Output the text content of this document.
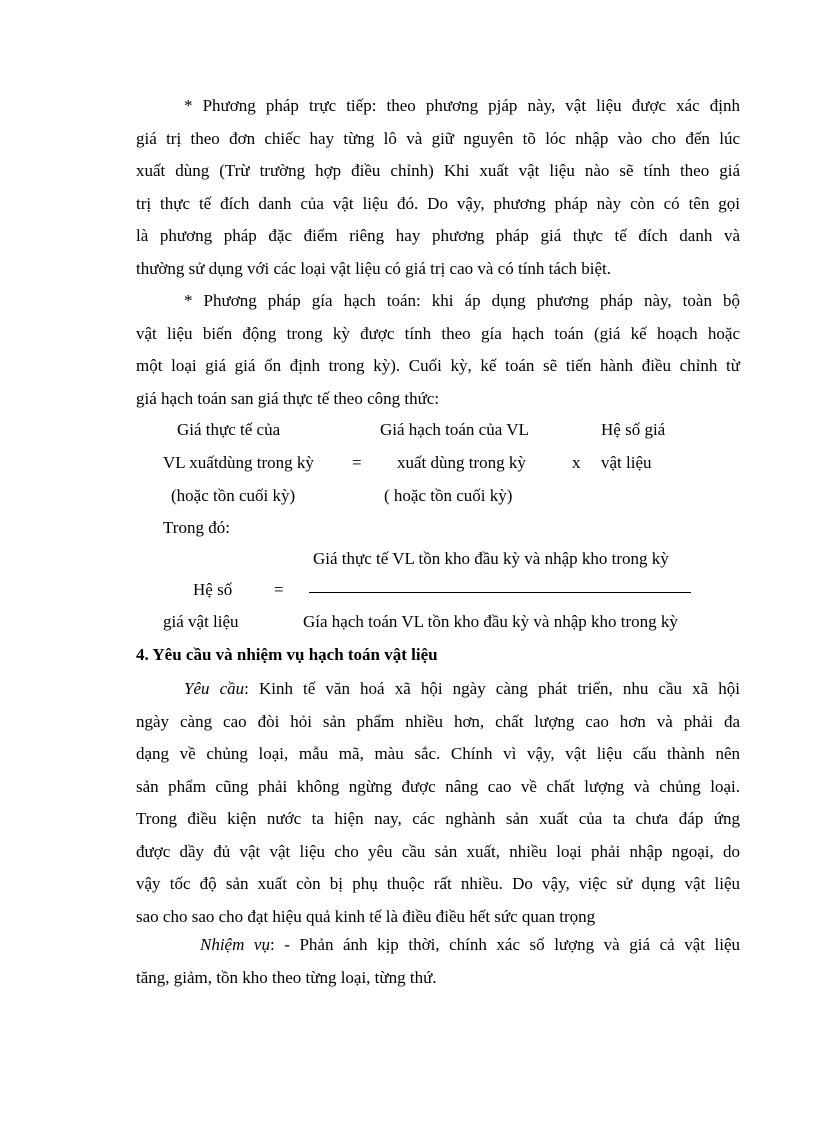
* Phương pháp trực tiếp: theo phương pjáp này, vật liệu được xác định
giá trị theo đơn chiếc hay từng lô và giữ nguyên tõ lóc nhập vào cho đến lúc
xuất dùng (Trừ trường hợp điều chỉnh) Khi xuất vật liệu nào sẽ tính theo giá
trị thực tế đích danh của vật liệu đó. Do vậy, phương pháp này còn có tên gọi
là phương pháp đặc điểm riêng hay phương pháp giá thực tế đích danh và
thường sử dụng với các loại vật liệu có giá trị cao và có tính tách biệt.
* Phương pháp gía hạch toán: khi áp dụng phương pháp này, toàn bộ
vật liệu biến động trong kỳ được tính theo gía hạch toán (giá kế hoạch hoặc
một loại giá giá ổn định trong kỳ). Cuối kỳ, kế toán sẽ tiến hành điều chỉnh từ
giá hạch toán san giá thực tế theo công thức:
Giá thực tế của
VL xuấtdùng trong kỳ
(hoặc tồn cuối kỳ)
=
Giá hạch toán của VL
xuất dùng trong kỳ
( hoặc tồn cuối kỳ)
x
Hệ số giá
vật liệu
Trong đó:
Giá thực tế VL tồn kho đầu kỳ và nhập kho trong kỳ
Hệ số =
giá vật liệu	Gía hạch toán VL tồn kho đầu kỳ và nhập kho trong kỳ
4. Yêu cầu và nhiệm vụ hạch toán vật liệu
Yêu cầu: Kinh tế văn hoá xã hội ngày càng phát triển, nhu cầu xã hội
ngày càng cao đòi hỏi sản phẩm nhiều hơn, chất lượng cao hơn và phải đa
dạng về chủng loại, mẫu mã, màu sắc. Chính vì vậy, vật liệu cấu thành nên
sản phẩm cũng phải không ngừng được nâng cao về chất lượng và chủng loại.
Trong điều kiện nước ta hiện nay, các nghành sản xuất của ta chưa đáp ứng
được dầy đủ vật vật liệu cho yêu cầu sản xuất, nhiều loại phải nhập ngoại, do
vậy tốc độ sản xuất còn bị phụ thuộc rất nhiều. Do vậy, việc sử dụng vật liệu
sao cho sao cho đạt hiệu quả kinh tế là điều điều hết sức quan trọng
Nhiệm vụ: - Phản ánh kịp thời, chính xác số lượng và giá cả vật liệu
tăng, giảm, tồn kho theo từng loại, từng thứ.
